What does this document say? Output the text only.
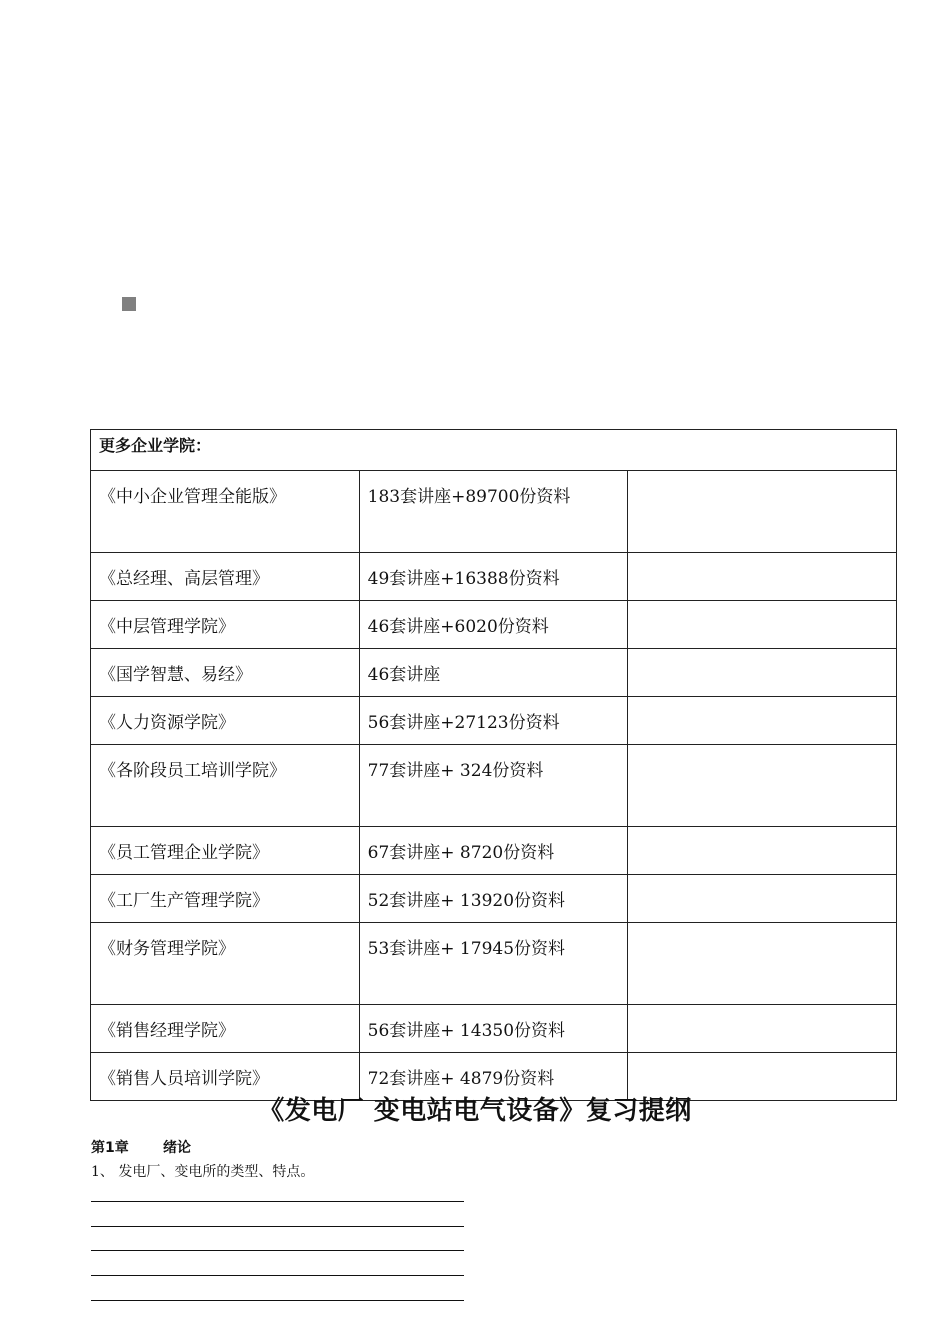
更多企业学院：		
《中小企业管理全能版》	183套讲座+89700份资料	
《总经理、高层管理》	49套讲座+16388份资料	
《中层管理学院》	46套讲座+6020份资料	
《国学智慧、易经》	46套讲座	
《人力资源学院》	56套讲座+27123份资料	
《各阶段员工培训学院》	77套讲座+ 324份资料	
《员工管理企业学院》	67套讲座+ 8720份资料	
《工厂生产管理学院》	52套讲座+ 13920份资料	
《财务管理学院》	53套讲座+ 17945份资料	
《销售经理学院》	56套讲座+ 14350份资料	
《销售人员培训学院》	72套讲座+ 4879份资料	
《发电厂 变电站电气设备》复习提纲
第1章 绪论
1、 发电厂、变电所的类型、特点。
